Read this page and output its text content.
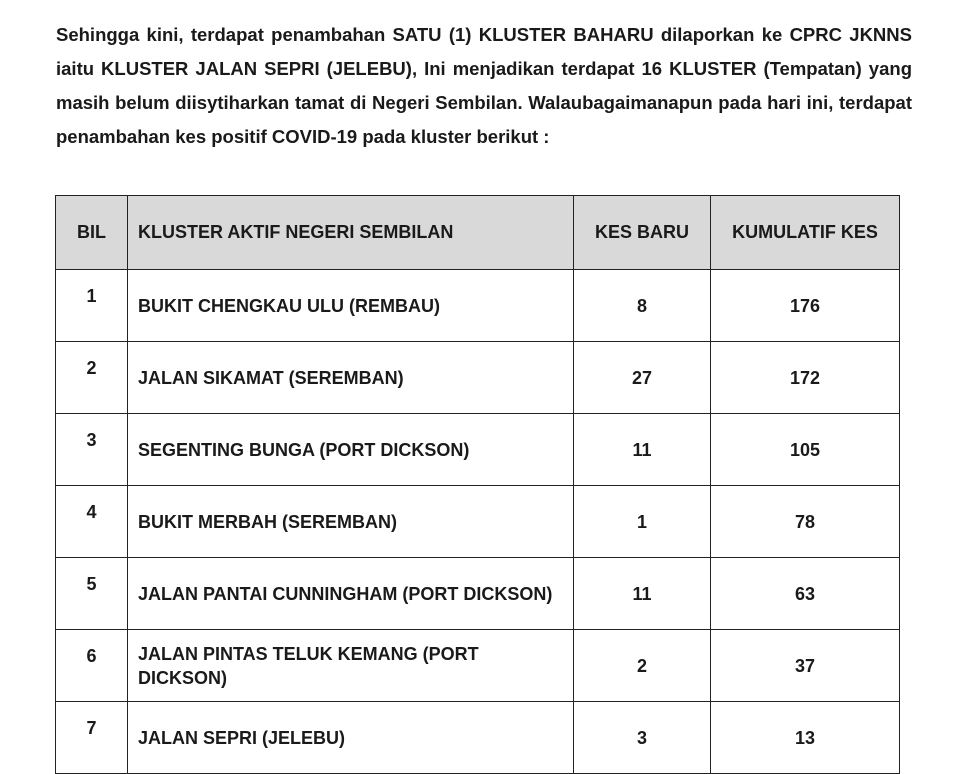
Sehingga kini, terdapat penambahan SATU (1) KLUSTER BAHARU dilaporkan ke CPRC JKNNS iaitu KLUSTER JALAN SEPRI (JELEBU), Ini menjadikan terdapat 16 KLUSTER (Tempatan) yang masih belum diisytiharkan tamat di Negeri Sembilan. Walaubagaimanapun pada hari ini, terdapat penambahan kes positif COVID-19 pada kluster berikut :

BIL	KLUSTER AKTIF NEGERI SEMBILAN	KES BARU	KUMULATIF KES
1	BUKIT CHENGKAU ULU (REMBAU)	8	176
2	JALAN SIKAMAT (SEREMBAN)	27	172
3	SEGENTING BUNGA (PORT DICKSON)	11	105
4	BUKIT MERBAH (SEREMBAN)	1	78
5	JALAN PANTAI CUNNINGHAM (PORT DICKSON)	11	63
6	JALAN PINTAS TELUK KEMANG (PORT DICKSON)	2	37
7	JALAN SEPRI (JELEBU)	3	13
